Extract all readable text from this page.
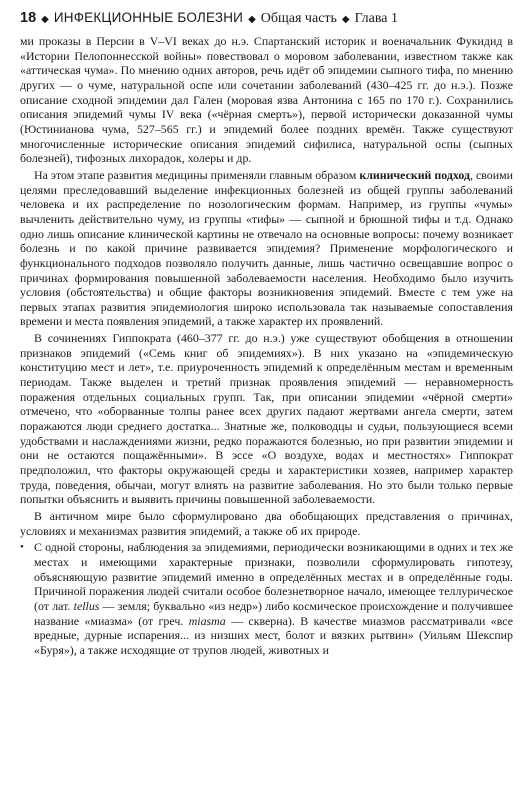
18 ◆ ИНФЕКЦИОННЫЕ БОЛЕЗНИ ◆ Общая часть ◆ Глава 1

ми проказы в Персии в V–VI веках до н.э. Спартанский историк и военачальник Фукидид в «Истории Пелопоннесской войны» повествовал о моровом заболевании, известном также как «аттическая чума». По мнению одних авторов, речь идёт об эпидемии сыпного тифа, по мнению других — о чуме, натуральной оспе или сочетании заболеваний (430–425 гг. до н.э.). Позже описание сходной эпидемии дал Гален (моровая язва Антонина с 165 по 170 г.). Сохранились описания эпидемий чумы IV века («чёрная смерть»), первой исторически доказанной чумы (Юстинианова чума, 527–565 гг.) и эпидемий более поздних времён. Также существуют многочисленные исторические описания эпидемий сифилиса, натуральной оспы (сыпных болезней), тифозных лихорадок, холеры и др.

На этом этапе развития медицины применяли главным образом клинический подход, своими целями преследовавший выделение инфекционных болезней из общей группы заболеваний человека и их распределение по нозологическим формам. Например, из группы «чумы» вычленить действительно чуму, из группы «тифы» — сыпной и брюшной тифы и т.д. Однако одно лишь описание клинической картины не отвечало на основные вопросы: почему возникает болезнь и по какой причине развивается эпидемия? Применение морфологического и функционального подходов позволяло получить данные, лишь частично освещавшие вопрос о причинах формирования повышенной заболеваемости населения. Необходимо было изучить условия (обстоятельства) и общие факторы возникновения эпидемий. Вместе с тем уже на первых этапах развития эпидемиология широко использовала так называемые сопоставления времени и места появления эпидемий, а также характер их проявлений.

В сочинениях Гиппократа (460–377 гг. до н.э.) уже существуют обобщения в отношении признаков эпидемий («Семь книг об эпидемиях»). В них указано на «эпидемическую конституцию мест и лет», т.е. приуроченность эпидемий к определённым местам и временным периодам. Также выделен и третий признак проявления эпидемий — неравномерность поражения отдельных социальных групп. Так, при описании эпидемии «чёрной смерти» отмечено, что «оборванные толпы ранее всех других падают жертвами ангела смерти, затем поражаются люди среднего достатка... Знатные же, полководцы и судьи, пользующиеся всеми удобствами и наслаждениями жизни, редко поражаются болезнью, но при развитии эпидемии и они не остаются пощажёнными». В эссе «О воздухе, водах и местностях» Гиппократ предположил, что факторы окружающей среды и характеристики хозяев, например характер труда, поведения, обычаи, могут влиять на развитие заболевания. Но это были только первые попытки объяснить и выявить причины повышенной заболеваемости.

В античном мире было сформулировано два обобщающих представления о причинах, условиях и механизмах развития эпидемий, а также об их природе.

• С одной стороны, наблюдения за эпидемиями, периодически возникающими в одних и тех же местах и имеющими характерные признаки, позволили сформулировать гипотезу, объясняющую развитие эпидемий именно в определённых местах и в определённые годы. Причиной поражения людей считали особое болезнетворное начало, имеющее теллурическое (от лат. tellus — земля; буквально «из недр») либо космическое происхождение и получившее название «миазма» (от греч. miasma — скверна). В качестве миазмов рассматривали «все вредные, дурные испарения... из низших мест, болот и вязких рытвин» (Уильям Шекспир «Буря»), а также исходящие от трупов людей, животных и
